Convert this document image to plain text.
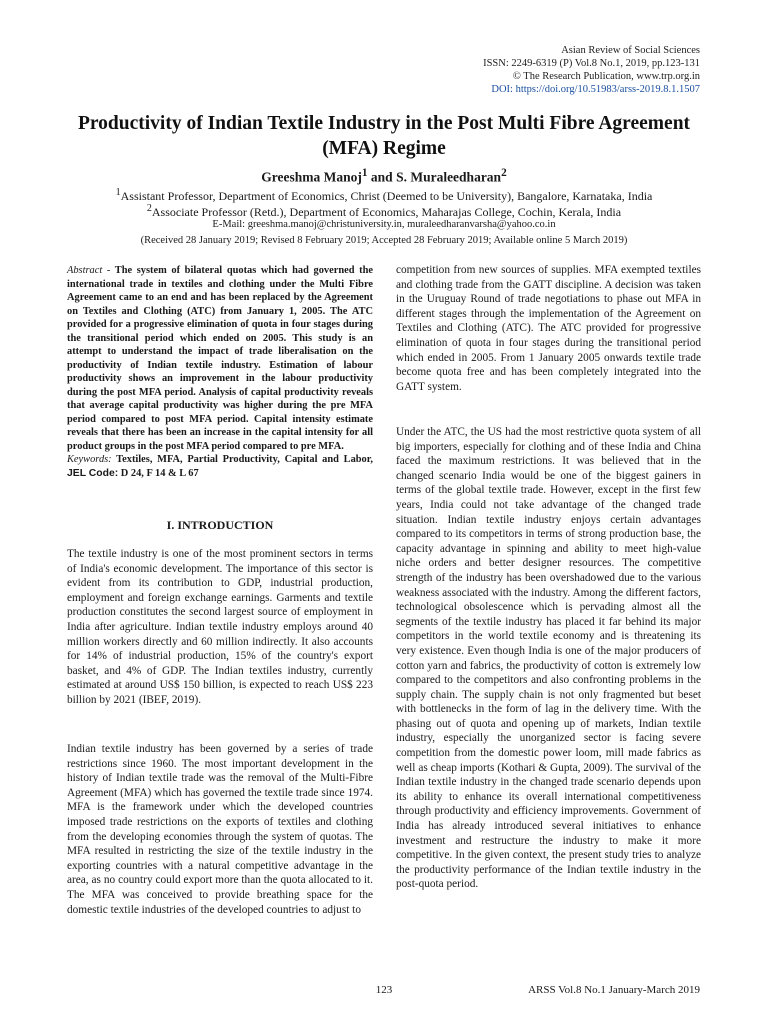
Asian Review of Social Sciences
ISSN: 2249-6319 (P) Vol.8 No.1, 2019, pp.123-131
© The Research Publication, www.trp.org.in
DOI: https://doi.org/10.51983/arss-2019.8.1.1507
Productivity of Indian Textile Industry in the Post Multi Fibre Agreement (MFA) Regime
Greeshma Manoj$^1$ and S. Muraleedharan$^2$
$^1$Assistant Professor, Department of Economics, Christ (Deemed to be University), Bangalore, Karnataka, India
$^2$Associate Professor (Retd.), Department of Economics, Maharajas College, Cochin, Kerala, India
E-Mail: greeshma.manoj@christuniversity.in, muraleedharanvarsha@yahoo.co.in
(Received 28 January 2019; Revised 8 February 2019; Accepted 28 February 2019; Available online 5 March 2019)

Abstract - The system of bilateral quotas which had governed the international trade in textiles and clothing under the Multi Fibre Agreement came to an end and has been replaced by the Agreement on Textiles and Clothing (ATC) from January 1, 2005. The ATC provided for a progressive elimination of quota in four stages during the transitional period which ended on 2005. This study is an attempt to understand the impact of trade liberalisation on the productivity of Indian textile industry. Estimation of labour productivity shows an improvement in the labour productivity during the post MFA period. Analysis of capital productivity reveals that average capital productivity was higher during the pre MFA period compared to post MFA period. Capital intensity estimate reveals that there has been an increase in the capital intensity for all product groups in the post MFA period compared to pre MFA.

Keywords: Textiles, MFA, Partial Productivity, Capital and Labor, JEL Code: D 24, F 14 & L 67

I. INTRODUCTION

The textile industry is one of the most prominent sectors in terms of India's economic development. The importance of this sector is evident from its contribution to GDP, industrial production, employment and foreign exchange earnings. Garments and textile production constitutes the second largest source of employment in India after agriculture. Indian textile industry employs around 40 million workers directly and 60 million indirectly. It also accounts for 14% of industrial production, 15% of the country's export basket, and 4% of GDP. The Indian textiles industry, currently estimated at around US$ 150 billion, is expected to reach US$ 223 billion by 2021 (IBEF, 2019).

Indian textile industry has been governed by a series of trade restrictions since 1960. The most important development in the history of Indian textile trade was the removal of the Multi-Fibre Agreement (MFA) which has governed the textile trade since 1974. MFA is the framework under which the developed countries imposed trade restrictions on the exports of textiles and clothing from the developing economies through the system of quotas. The MFA resulted in restricting the size of the textile industry in the exporting countries with a natural competitive advantage in the area, as no country could export more than the quota allocated to it. The MFA was conceived to provide breathing space for the domestic textile industries of the developed countries to adjust to

competition from new sources of supplies. MFA exempted textiles and clothing trade from the GATT discipline. A decision was taken in the Uruguay Round of trade negotiations to phase out MFA in different stages through the implementation of the Agreement on Textiles and Clothing (ATC). The ATC provided for progressive elimination of quota in four stages during the transitional period which ended in 2005. From 1 January 2005 onwards textile trade become quota free and has been completely integrated into the GATT system.

Under the ATC, the US had the most restrictive quota system of all big importers, especially for clothing and of these India and China faced the maximum restrictions. It was believed that in the changed scenario India would be one of the biggest gainers in terms of the global textile trade. However, except in the first few years, India could not take advantage of the changed trade situation. Indian textile industry enjoys certain advantages compared to its competitors in terms of strong production base, the capacity advantage in spinning and ability to meet high-value niche orders and better designer resources. The competitive strength of the industry has been overshadowed due to the various weakness associated with the industry. Among the different factors, technological obsolescence which is pervading almost all the segments of the textile industry has placed it far behind its major competitors in the world textile economy and is threatening its very existence. Even though India is one of the major producers of cotton yarn and fabrics, the productivity of cotton is extremely low compared to the competitors and also confronting problems in the supply chain. The supply chain is not only fragmented but beset with bottlenecks in the form of lag in the delivery time. With the phasing out of quota and opening up of markets, Indian textile industry, especially the unorganized sector is facing severe competition from the domestic power loom, mill made fabrics as well as cheap imports (Kothari & Gupta, 2009). The survival of the Indian textile industry in the changed trade scenario depends upon its ability to enhance its overall international competitiveness through productivity and efficiency improvements. Government of India has already introduced several initiatives to enhance investment and restructure the industry to make it more competitive. In the given context, the present study tries to analyze the productivity performance of the Indian textile industry in the post-quota period.

123	ARSS Vol.8 No.1 January-March 2019
